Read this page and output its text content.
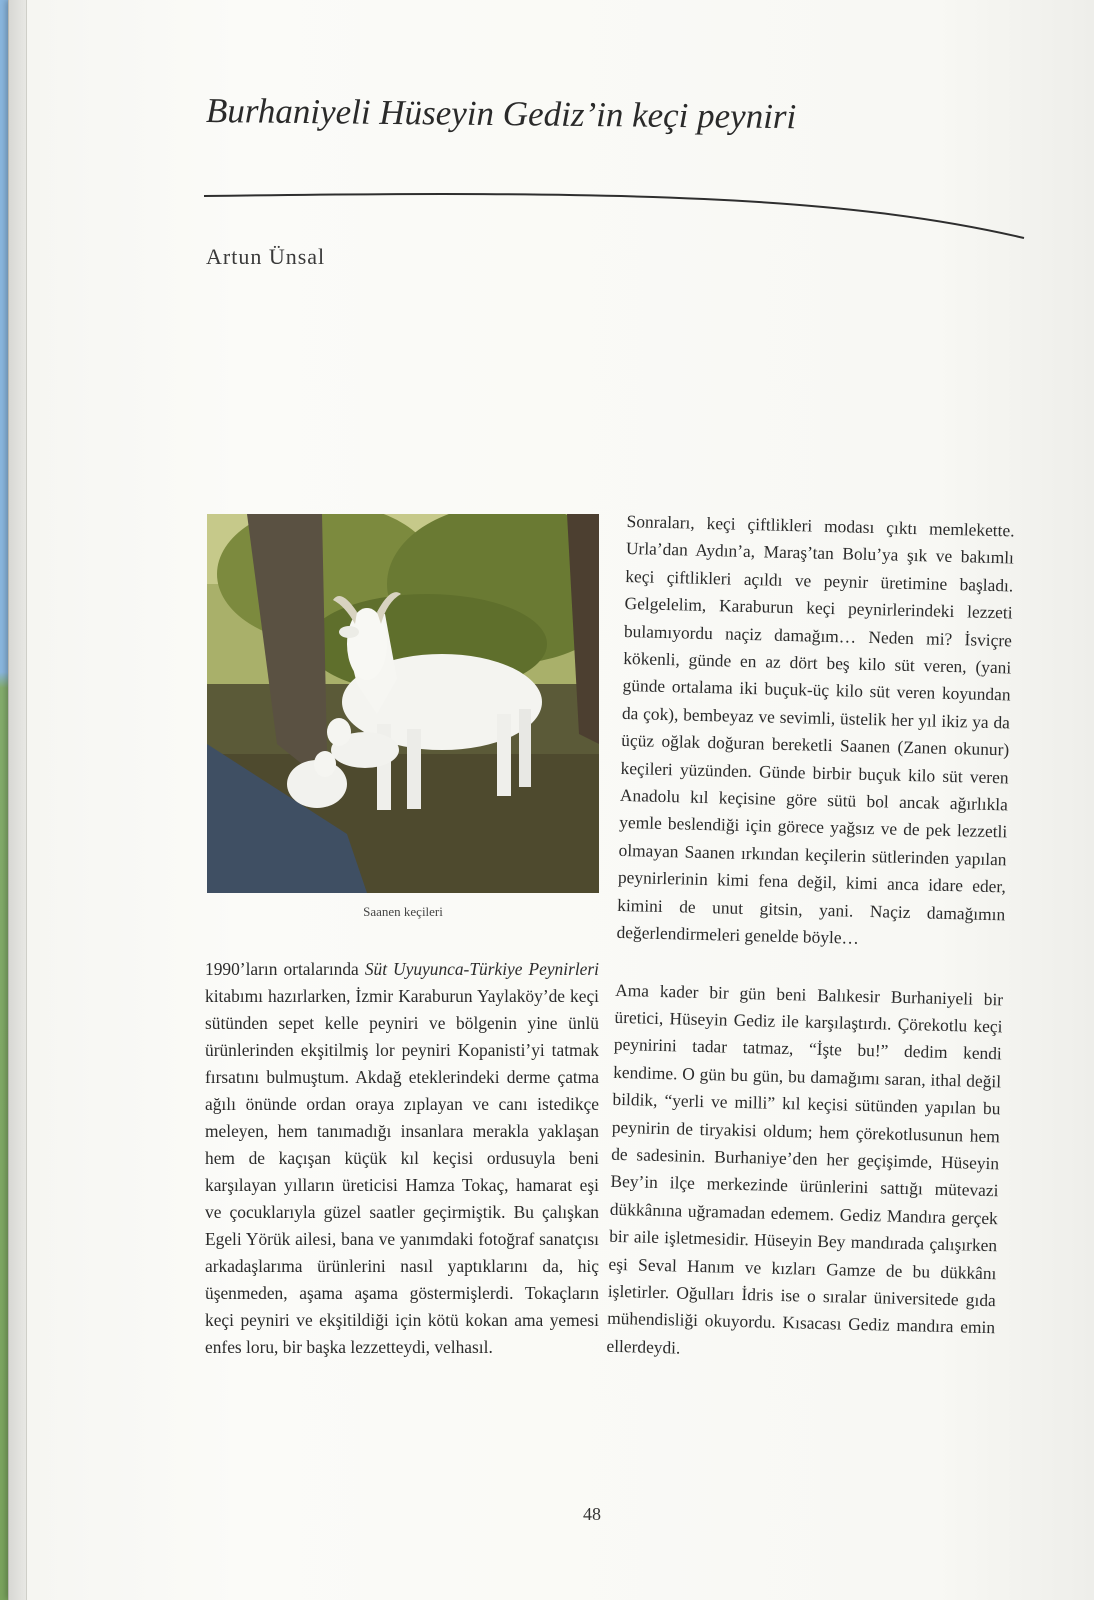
Burhaniyeli Hüseyin Gediz’in keçi peyniri

Artun Ünsal

Saanen keçileri

1990’ların ortalarında Süt Uyuyunca-Türkiye Peynirleri kitabımı hazırlarken, İzmir Karaburun Yaylaköy’de keçi sütünden sepet kelle peyniri ve bölgenin yine ünlü ürünlerinden ekşitilmiş lor peyniri Kopanisti’yi tatmak fırsatını bulmuştum. Akdağ eteklerindeki derme çatma ağılı önünde ordan oraya zıplayan ve canı istedikçe meleyen, hem tanımadığı insanlara merakla yaklaşan hem de kaçışan küçük kıl keçisi ordusuyla beni karşılayan yılların üreticisi Hamza Tokaç, hamarat eşi ve çocuklarıyla güzel saatler geçirmiştik. Bu çalışkan Egeli Yörük ailesi, bana ve yanımdaki fotoğraf sanatçısı arkadaşlarıma ürünlerini nasıl yaptıklarını da, hiç üşenmeden, aşama aşama göstermişlerdi. Tokaçların keçi peyniri ve ekşitildiği için kötü kokan ama yemesi enfes loru, bir başka lezzetteydi, velhasıl.

Sonraları, keçi çiftlikleri modası çıktı memlekette. Urla’dan Aydın’a, Maraş’tan Bolu’ya şık ve bakımlı keçi çiftlikleri açıldı ve peynir üretimine başladı. Gelgelelim, Karaburun keçi peynirlerindeki lezzeti bulamıyordu naçiz damağım… Neden mi? İsviçre kökenli, günde en az dört beş kilo süt veren, (yani günde ortalama iki buçuk-üç kilo süt veren koyundan da çok), bembeyaz ve sevimli, üstelik her yıl ikiz ya da üçüz oğlak doğuran bereketli Saanen (Zanen okunur) keçileri yüzünden. Günde birbir buçuk kilo süt veren Anadolu kıl keçisine göre sütü bol ancak ağırlıkla yemle beslendiği için görece yağsız ve de pek lezzetli olmayan Saanen ırkından keçilerin sütlerinden yapılan peynirlerinin kimi fena değil, kimi anca idare eder, kimini de unut gitsin, yani. Naçiz damağımın değerlendirmeleri genelde böyle…

Ama kader bir gün beni Balıkesir Burhaniyeli bir üretici, Hüseyin Gediz ile karşılaştırdı. Çörekotlu keçi peynirini tadar tatmaz, “İşte bu!” dedim kendi kendime. O gün bu gün, bu damağımı saran, ithal değil bildik, “yerli ve milli” kıl keçisi sütünden yapılan bu peynirin de tiryakisi oldum; hem çörekotlusunun hem de sadesinin. Burhaniye’den her geçişimde, Hüseyin Bey’in ilçe merkezinde ürünlerini sattığı mütevazi dükkânına uğramadan edemem. Gediz Mandıra gerçek bir aile işletmesidir. Hüseyin Bey mandırada çalışırken eşi Seval Hanım ve kızları Gamze de bu dükkânı işletirler. Oğulları İdris ise o sıralar üniversitede gıda mühendisliği okuyordu. Kısacası Gediz mandıra emin ellerdeydi.

48
